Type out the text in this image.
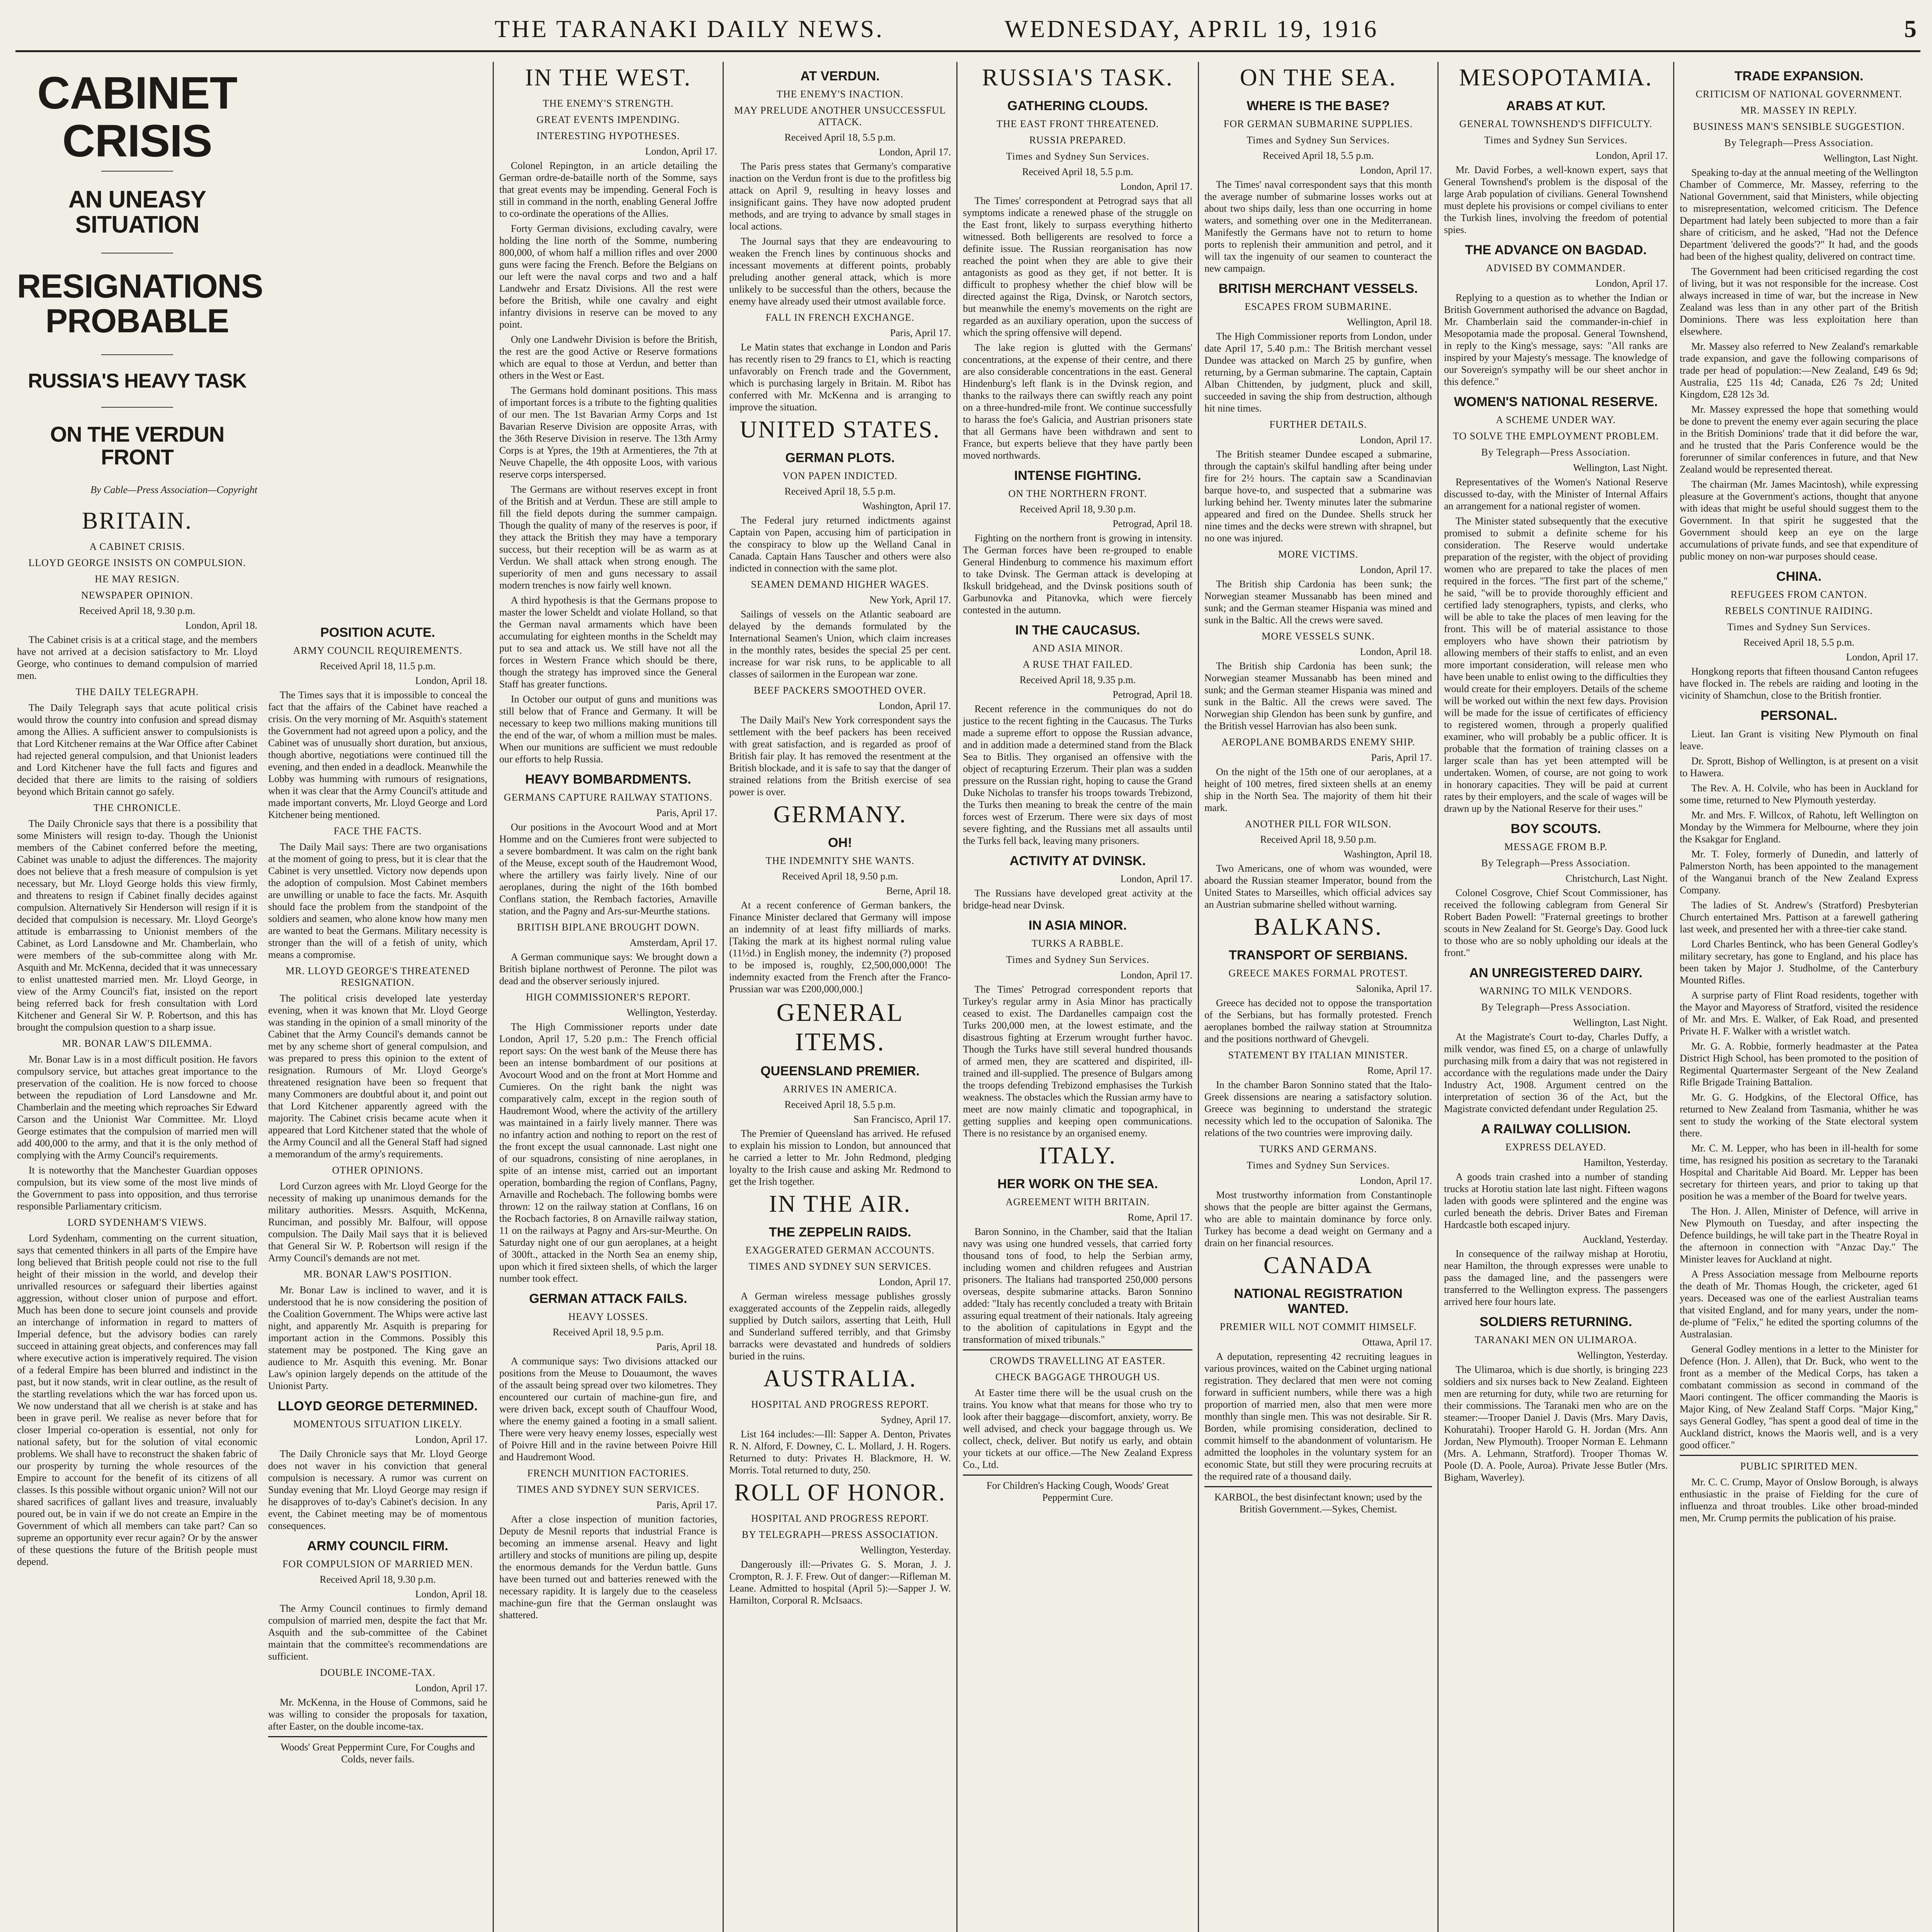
THE TARANAKI DAILY NEWS.	WEDNESDAY, APRIL 19, 1916	5
CABINET CRISIS
AN UNEASY SITUATION
RESIGNATIONS PROBABLE
RUSSIA'S HEAVY TASK
ON THE VERDUN FRONT
By Cable—Press Association—Copyright
BRITAIN.
A CABINET CRISIS.
LLOYD GEORGE INSISTS ON COMPULSION.
HE MAY RESIGN.
NEWSPAPER OPINION.
Received April 18, 9.30 p.m.
London, April 18.

The Cabinet crisis is at a critical stage, and the members have not arrived at a decision satisfactory to Mr. Lloyd George, who continues to demand compulsion of married men.

THE DAILY TELEGRAPH.

The Daily Telegraph says that acute political crisis would throw the country into confusion and spread dismay among the Allies. A sufficient answer to compulsionists is that Lord Kitchener remains at the War Office after Cabinet had rejected general compulsion, and that Unionist leaders and Lord Kitchener have the full facts and figures and decided that there are limits to the raising of soldiers beyond which Britain cannot go safely.

THE CHRONICLE.

The Daily Chronicle says that there is a possibility that some Ministers will resign to-day. Though the Unionist members of the Cabinet conferred before the meeting, Cabinet was unable to adjust the differences. The majority does not believe that a fresh measure of compulsion is yet necessary, but Mr. Lloyd George holds this view firmly, and threatens to resign if Cabinet finally decides against compulsion. Alternatively Sir Henderson will resign if it is decided that compulsion is necessary. Mr. Lloyd George's attitude is embarrassing to Unionist members of the Cabinet, as Lord Lansdowne and Mr. Chamberlain, who were members of the sub-committee along with Mr. Asquith and Mr. McKenna, decided that it was unnecessary to enlist unattested married men. Mr. Lloyd George, in view of the Army Council's fiat, insisted on the report being referred back for fresh consultation with Lord Kitchener and General Sir W. P. Robertson, and this has brought the compulsion question to a sharp issue.

MR. BONAR LAW'S DILEMMA.

Mr. Bonar Law is in a most difficult position. He favors compulsory service, but attaches great importance to the preservation of the coalition. He is now forced to choose between the repudiation of Lord Lansdowne and Mr. Chamberlain and the meeting which reproaches Sir Edward Carson and the Unionist War Committee. Mr. Lloyd George estimates that the compulsion of married men will add 400,000 to the army, and that it is the only method of complying with the Army Council's requirements.

It is noteworthy that the Manchester Guardian opposes compulsion, but its view some of the most live minds of the Government to pass into opposition, and thus terrorise responsible Parliamentary criticism.

LORD SYDENHAM'S VIEWS.

Lord Sydenham, commenting on the current situation, says that cemented thinkers in all parts of the Empire have long believed that British people could not rise to the full height of their mission in the world, and develop their unrivalled resources or safeguard their liberties against aggression, without closer union of purpose and effort. Much has been done to secure joint counsels and provide an interchange of information in regard to matters of Imperial defence, but the advisory bodies can rarely succeed in attaining great objects, and conferences may fall where executive action is imperatively required. The vision of a federal Empire has been blurred and indistinct in the past, but it now stands, writ in clear outline, as the result of the startling revelations which the war has forced upon us. We now understand that all we cherish is at stake and has been in grave peril. We realise as never before that for closer Imperial co-operation is essential, not only for national safety, but for the solution of vital economic problems. We shall have to reconstruct the shaken fabric of our prosperity by turning the whole resources of the Empire to account for the benefit of its citizens of all classes. Is this possible without organic union? Will not our shared sacrifices of gallant lives and treasure, invaluably poured out, be in vain if we do not create an Empire in the Government of which all members can take part? Can so supreme an opportunity ever recur again? Or by the answer of these questions the future of the British people must depend.

POSITION ACUTE.
ARMY COUNCIL REQUIREMENTS.
Received April 18, 11.5 p.m.
London, April 18.

The Times says that it is impossible to conceal the fact that the affairs of the Cabinet have reached a crisis. On the very morning of Mr. Asquith's statement the Government had not agreed upon a policy, and the Cabinet was of unusually short duration, but anxious, though abortive, negotiations were continued till the evening, and then ended in a deadlock. Meanwhile the Lobby was humming with rumours of resignations, when it was clear that the Army Council's attitude and made important converts, Mr. Lloyd George and Lord Kitchener being mentioned.

FACE THE FACTS.

The Daily Mail says: There are two organisations at the moment of going to press, but it is clear that the Cabinet is very unsettled. Victory now depends upon the adoption of compulsion. Most Cabinet members are unwilling or unable to face the facts. Mr. Asquith should face the problem from the standpoint of the soldiers and seamen, who alone know how many men are wanted to beat the Germans. Military necessity is stronger than the will of a fetish of unity, which means a compromise.

MR. LLOYD GEORGE'S THREATENED RESIGNATION.

The political crisis developed late yesterday evening, when it was known that Mr. Lloyd George was standing in the opinion of a small minority of the Cabinet that the Army Council's demands cannot be met by any scheme short of general compulsion, and was prepared to press this opinion to the extent of resignation. Rumours of Mr. Lloyd George's threatened resignation have been so frequent that many Commoners are doubtful about it, and point out that Lord Kitchener apparently agreed with the majority. The Cabinet crisis became acute when it appeared that Lord Kitchener stated that the whole of the Army Council and all the General Staff had signed a memorandum of the army's requirements.

OTHER OPINIONS.

Lord Curzon agrees with Mr. Lloyd George for the necessity of making up unanimous demands for the military authorities. Messrs. Asquith, McKenna, Runciman, and possibly Mr. Balfour, will oppose compulsion. The Daily Mail says that it is believed that General Sir W. P. Robertson will resign if the Army Council's demands are not met.

MR. BONAR LAW'S POSITION.

Mr. Bonar Law is inclined to waver, and it is understood that he is now considering the position of the Coalition Government. The Whips were active last night, and apparently Mr. Asquith is preparing for important action in the Commons. Possibly this statement may be postponed. The King gave an audience to Mr. Asquith this evening. Mr. Bonar Law's opinion largely depends on the attitude of the Unionist Party.

LLOYD GEORGE DETERMINED.
MOMENTOUS SITUATION LIKELY.
London, April 17.

The Daily Chronicle says that Mr. Lloyd George does not waver in his conviction that general compulsion is necessary. A rumor was current on Sunday evening that Mr. Lloyd George may resign if he disapproves of to-day's Cabinet's decision. In any event, the Cabinet meeting may be of momentous consequences.

ARMY COUNCIL FIRM.
FOR COMPULSION OF MARRIED MEN.
Received April 18, 9.30 p.m.
London, April 18.

The Army Council continues to firmly demand compulsion of married men, despite the fact that Mr. Asquith and the sub-committee of the Cabinet maintain that the committee's recommendations are sufficient.

DOUBLE INCOME-TAX.
London, April 17.

Mr. McKenna, in the House of Commons, said he was willing to consider the proposals for taxation, after Easter, on the double income-tax.

Woods' Great Peppermint Cure, For Coughs and Colds, never fails.

IN THE WEST.
THE ENEMY'S STRENGTH.
GREAT EVENTS IMPENDING.
INTERESTING HYPOTHESES.
London, April 17.

Colonel Repington, in an article detailing the German ordre-de-bataille north of the Somme, says that great events may be impending. General Foch is still in command in the north, enabling General Joffre to co-ordinate the operations of the Allies.

Forty German divisions, excluding cavalry, were holding the line north of the Somme, numbering 800,000, of whom half a million rifles and over 2000 guns were facing the French. Before the Belgians on our left were the naval corps and two and a half Landwehr and Ersatz Divisions. All the rest were before the British, while one cavalry and eight infantry divisions in reserve can be moved to any point.

Only one Landwehr Division is before the British, the rest are the good Active or Reserve formations which are equal to those at Verdun, and better than others in the West or East.

The Germans hold dominant positions. This mass of important forces is a tribute to the fighting qualities of our men. The 1st Bavarian Army Corps and 1st Bavarian Reserve Division are opposite Arras, with the 36th Reserve Division in reserve. The 13th Army Corps is at Ypres, the 19th at Armentieres, the 7th at Neuve Chapelle, the 4th opposite Loos, with various reserve corps interspersed.

The Germans are without reserves except in front of the British and at Verdun. These are still ample to fill the field depots during the summer campaign. Though the quality of many of the reserves is poor, if they attack the British they may have a temporary success, but their reception will be as warm as at Verdun. We shall attack when strong enough. The superiority of men and guns necessary to assail modern trenches is now fairly well known.

A third hypothesis is that the Germans propose to master the lower Scheldt and violate Holland, so that the German naval armaments which have been accumulating for eighteen months in the Scheldt may put to sea and attack us. We still have not all the forces in Western France which should be there, though the strategy has improved since the General Staff has greater functions.

In October our output of guns and munitions was still below that of France and Germany. It will be necessary to keep two millions making munitions till the end of the war, of whom a million must be males. When our munitions are sufficient we must redouble our efforts to help Russia.

HEAVY BOMBARDMENTS.
GERMANS CAPTURE RAILWAY STATIONS.
Paris, April 17.

Our positions in the Avocourt Wood and at Mort Homme and on the Cumieres front were subjected to a severe bombardment. It was calm on the right bank of the Meuse, except south of the Haudremont Wood, where the artillery was fairly lively. Nine of our aeroplanes, during the night of the 16th bombed Conflans station, the Rembach factories, Arnaville station, and the Pagny and Ars-sur-Meurthe stations.

BRITISH BIPLANE BROUGHT DOWN.
Amsterdam, April 17.

A German communique says: We brought down a British biplane northwest of Peronne. The pilot was dead and the observer seriously injured.

HIGH COMMISSIONER'S REPORT.
Wellington, Yesterday.

The High Commissioner reports under date London, April 17, 5.20 p.m.: The French official report says: On the west bank of the Meuse there has been an intense bombardment of our positions at Avocourt Wood and on the front at Mort Homme and Cumieres. On the right bank the night was comparatively calm, except in the region south of Haudremont Wood, where the activity of the artillery was maintained in a fairly lively manner. There was no infantry action and nothing to report on the rest of the front except the usual cannonade. Last night one of our squadrons, consisting of nine aeroplanes, in spite of an intense mist, carried out an important operation, bombarding the region of Conflans, Pagny, Arnaville and Rochebach. The following bombs were thrown: 12 on the railway station at Conflans, 16 on the Rocbach factories, 8 on Arnaville railway station, 11 on the railways at Pagny and Ars-sur-Meurthe. On Saturday night one of our gun aeroplanes, at a height of 300ft., attacked in the North Sea an enemy ship, upon which it fired sixteen shells, of which the larger number took effect.

GERMAN ATTACK FAILS.
HEAVY LOSSES.
Received April 18, 9.5 p.m.
Paris, April 18.

A communique says: Two divisions attacked our positions from the Meuse to Douaumont, the waves of the assault being spread over two kilometres. They encountered our curtain of machine-gun fire, and were driven back, except south of Chauffour Wood, where the enemy gained a footing in a small salient. There were very heavy enemy losses, especially west of Poivre Hill and in the ravine between Poivre Hill and Haudremont Wood.

FRENCH MUNITION FACTORIES.
TIMES AND SYDNEY SUN SERVICES.
Paris, April 17.

After a close inspection of munition factories, Deputy de Mesnil reports that industrial France is becoming an immense arsenal. Heavy and light artillery and stocks of munitions are piling up, despite the enormous demands for the Verdun battle. Guns have been turned out and batteries renewed with the necessary rapidity. It is largely due to the ceaseless machine-gun fire that the German onslaught was shattered.

AT VERDUN.
THE ENEMY'S INACTION.
MAY PRELUDE ANOTHER UNSUCCESSFUL ATTACK.
Received April 18, 5.5 p.m.
London, April 17.

The Paris press states that Germany's comparative inaction on the Verdun front is due to the profitless big attack on April 9, resulting in heavy losses and insignificant gains. They have now adopted prudent methods, and are trying to advance by small stages in local actions.

The Journal says that they are endeavouring to weaken the French lines by continuous shocks and incessant movements at different points, probably preluding another general attack, which is more unlikely to be successful than the others, because the enemy have already used their utmost available force.

FALL IN FRENCH EXCHANGE.
Paris, April 17.

Le Matin states that exchange in London and Paris has recently risen to 29 francs to £1, which is reacting unfavorably on French trade and the Government, which is purchasing largely in Britain. M. Ribot has conferred with Mr. McKenna and is arranging to improve the situation.

UNITED STATES.
GERMAN PLOTS.
VON PAPEN INDICTED.
Received April 18, 5.5 p.m.
Washington, April 17.

The Federal jury returned indictments against Captain von Papen, accusing him of participation in the conspiracy to blow up the Welland Canal in Canada. Captain Hans Tauscher and others were also indicted in connection with the same plot.

SEAMEN DEMAND HIGHER WAGES.
New York, April 17.

Sailings of vessels on the Atlantic seaboard are delayed by the demands formulated by the International Seamen's Union, which claim increases in the monthly rates, besides the special 25 per cent. increase for war risk runs, to be applicable to all classes of sailormen in the European war zone.

BEEF PACKERS SMOOTHED OVER.
London, April 17.

The Daily Mail's New York correspondent says the settlement with the beef packers has been received with great satisfaction, and is regarded as proof of British fair play. It has removed the resentment at the British blockade, and it is safe to say that the danger of strained relations from the British exercise of sea power is over.

GERMANY.
OH!
THE INDEMNITY SHE WANTS.
Received April 18, 9.50 p.m.
Berne, April 18.

At a recent conference of German bankers, the Finance Minister declared that Germany will impose an indemnity of at least fifty milliards of marks. [Taking the mark at its highest normal ruling value (11½d.) in English money, the indemnity (?) proposed to be imposed is, roughly, £2,500,000,000! The indemnity exacted from the French after the Franco-Prussian war was £200,000,000.]

GENERAL ITEMS.
QUEENSLAND PREMIER.
ARRIVES IN AMERICA.
Received April 18, 5.5 p.m.
San Francisco, April 17.

The Premier of Queensland has arrived. He refused to explain his mission to London, but announced that he carried a letter to Mr. John Redmond, pledging loyalty to the Irish cause and asking Mr. Redmond to get the Irish together.

IN THE AIR.
THE ZEPPELIN RAIDS.
EXAGGERATED GERMAN ACCOUNTS.
TIMES AND SYDNEY SUN SERVICES.
London, April 17.

A German wireless message publishes grossly exaggerated accounts of the Zeppelin raids, allegedly supplied by Dutch sailors, asserting that Leith, Hull and Sunderland suffered terribly, and that Grimsby barracks were devastated and hundreds of soldiers buried in the ruins.

AUSTRALIA.
HOSPITAL AND PROGRESS REPORT.
Sydney, April 17.

List 164 includes:—Ill: Sapper A. Denton, Privates R. N. Alford, F. Downey, C. L. Mollard, J. H. Rogers. Returned to duty: Privates H. Blackmore, H. W. Morris. Total returned to duty, 250.

ROLL OF HONOR.
HOSPITAL AND PROGRESS REPORT.
BY TELEGRAPH—PRESS ASSOCIATION.
Wellington, Yesterday.

Dangerously ill:—Privates G. S. Moran, J. J. Crompton, R. J. F. Frew. Out of danger:—Rifleman M. Leane. Admitted to hospital (April 5):—Sapper J. W. Hamilton, Corporal R. McIsaacs.

RUSSIA'S TASK.
GATHERING CLOUDS.
THE EAST FRONT THREATENED.
RUSSIA PREPARED.
Times and Sydney Sun Services.
Received April 18, 5.5 p.m.
London, April 17.

The Times' correspondent at Petrograd says that all symptoms indicate a renewed phase of the struggle on the East front, likely to surpass everything hitherto witnessed. Both belligerents are resolved to force a definite issue. The Russian reorganisation has now reached the point when they are able to give their antagonists as good as they get, if not better. It is difficult to prophesy whether the chief blow will be directed against the Riga, Dvinsk, or Narotch sectors, but meanwhile the enemy's movements on the right are regarded as an auxiliary operation, upon the success of which the spring offensive will depend.

The lake region is glutted with the Germans' concentrations, at the expense of their centre, and there are also considerable concentrations in the east. General Hindenburg's left flank is in the Dvinsk region, and thanks to the railways there can swiftly reach any point on a three-hundred-mile front. We continue successfully to harass the foe's Galicia, and Austrian prisoners state that all Germans have been withdrawn and sent to France, but experts believe that they have partly been moved northwards.

INTENSE FIGHTING.
ON THE NORTHERN FRONT.
Received April 18, 9.30 p.m.
Petrograd, April 18.

Fighting on the northern front is growing in intensity. The German forces have been re-grouped to enable General Hindenburg to commence his maximum effort to take Dvinsk. The German attack is developing at Ikskull bridgehead, and the Dvinsk positions south of Garbunovka and Pitanovka, which were fiercely contested in the autumn.

IN THE CAUCASUS.
AND ASIA MINOR.
A RUSE THAT FAILED.
Received April 18, 9.35 p.m.
Petrograd, April 18.

Recent reference in the communiques do not do justice to the recent fighting in the Caucasus. The Turks made a supreme effort to oppose the Russian advance, and in addition made a determined stand from the Black Sea to Bitlis. They organised an offensive with the object of recapturing Erzerum. Their plan was a sudden pressure on the Russian right, hoping to cause the Grand Duke Nicholas to transfer his troops towards Trebizond, the Turks then meaning to break the centre of the main forces west of Erzerum. There were six days of most severe fighting, and the Russians met all assaults until the Turks fell back, leaving many prisoners.

ACTIVITY AT DVINSK.
London, April 17.

The Russians have developed great activity at the bridge-head near Dvinsk.

IN ASIA MINOR.
TURKS A RABBLE.
Times and Sydney Sun Services.
London, April 17.

The Times' Petrograd correspondent reports that Turkey's regular army in Asia Minor has practically ceased to exist. The Dardanelles campaign cost the Turks 200,000 men, at the lowest estimate, and the disastrous fighting at Erzerum wrought further havoc. Though the Turks have still several hundred thousands of armed men, they are scattered and dispirited, ill-trained and ill-supplied. The presence of Bulgars among the troops defending Trebizond emphasises the Turkish weakness. The obstacles which the Russian army have to meet are now mainly climatic and topographical, in getting supplies and keeping open communications. There is no resistance by an organised enemy.

ITALY.
HER WORK ON THE SEA.
AGREEMENT WITH BRITAIN.
Rome, April 17.

Baron Sonnino, in the Chamber, said that the Italian navy was using one hundred vessels, that carried forty thousand tons of food, to help the Serbian army, including women and children refugees and Austrian prisoners. The Italians had transported 250,000 persons overseas, despite submarine attacks. Baron Sonnino added: "Italy has recently concluded a treaty with Britain assuring equal treatment of their nationals. Italy agreeing to the abolition of capitulations in Egypt and the transformation of mixed tribunals."

CROWDS TRAVELLING AT EASTER.
CHECK BAGGAGE THROUGH US.

At Easter time there will be the usual crush on the trains. You know what that means for those who try to look after their baggage—discomfort, anxiety, worry. Be well advised, and check your baggage through us. We collect, check, deliver. But notify us early, and obtain your tickets at our office.—The New Zealand Express Co., Ltd.

For Children's Hacking Cough, Woods' Great Peppermint Cure.

ON THE SEA.
WHERE IS THE BASE?
FOR GERMAN SUBMARINE SUPPLIES.
Times and Sydney Sun Services.
Received April 18, 5.5 p.m.
London, April 17.

The Times' naval correspondent says that this month the average number of submarine losses works out at about two ships daily, less than one occurring in home waters, and something over one in the Mediterranean. Manifestly the Germans have not to return to home ports to replenish their ammunition and petrol, and it will tax the ingenuity of our seamen to counteract the new campaign.

BRITISH MERCHANT VESSELS.
ESCAPES FROM SUBMARINE.
Wellington, April 18.

The High Commissioner reports from London, under date April 17, 5.40 p.m.: The British merchant vessel Dundee was attacked on March 25 by gunfire, when returning, by a German submarine. The captain, Captain Alban Chittenden, by judgment, pluck and skill, succeeded in saving the ship from destruction, although hit nine times.

FURTHER DETAILS.
London, April 17.

The British steamer Dundee escaped a submarine, through the captain's skilful handling after being under fire for 2½ hours. The captain saw a Scandinavian barque hove-to, and suspected that a submarine was lurking behind her. Twenty minutes later the submarine appeared and fired on the Dundee. Shells struck her nine times and the decks were strewn with shrapnel, but no one was injured.

MORE VICTIMS.
London, April 17.

The British ship Cardonia has been sunk; the Norwegian steamer Mussanabb has been mined and sunk; and the German steamer Hispania was mined and sunk in the Baltic. All the crews were saved.

MORE VESSELS SUNK.
London, April 18.

The British ship Cardonia has been sunk; the Norwegian steamer Mussanabb has been mined and sunk; and the German steamer Hispania was mined and sunk in the Baltic. All the crews were saved. The Norwegian ship Glendon has been sunk by gunfire, and the British vessel Harrovian has also been sunk.

AEROPLANE BOMBARDS ENEMY SHIP.
Paris, April 17.

On the night of the 15th one of our aeroplanes, at a height of 100 metres, fired sixteen shells at an enemy ship in the North Sea. The majority of them hit their mark.

ANOTHER PILL FOR WILSON.
Received April 18, 9.50 p.m.
Washington, April 18.

Two Americans, one of whom was wounded, were aboard the Russian steamer Imperator, bound from the United States to Marseilles, which official advices say an Austrian submarine shelled without warning.

BALKANS.
TRANSPORT OF SERBIANS.
GREECE MAKES FORMAL PROTEST.
Salonika, April 17.

Greece has decided not to oppose the transportation of the Serbians, but has formally protested. French aeroplanes bombed the railway station at Stroumnitza and the positions northward of Ghevgeli.

STATEMENT BY ITALIAN MINISTER.
Rome, April 17.

In the chamber Baron Sonnino stated that the Italo-Greek dissensions are nearing a satisfactory solution. Greece was beginning to understand the strategic necessity which led to the occupation of Salonika. The relations of the two countries were improving daily.

TURKS AND GERMANS.
Times and Sydney Sun Services.
London, April 17.

Most trustworthy information from Constantinople shows that the people are bitter against the Germans, who are able to maintain dominance by force only. Turkey has become a dead weight on Germany and a drain on her financial resources.

CANADA
NATIONAL REGISTRATION WANTED.
PREMIER WILL NOT COMMIT HIMSELF.
Ottawa, April 17.

A deputation, representing 42 recruiting leagues in various provinces, waited on the Cabinet urging national registration. They declared that men were not coming forward in sufficient numbers, while there was a high proportion of married men, also that men were more monthly than single men. This was not desirable. Sir R. Borden, while promising consideration, declined to commit himself to the abandonment of voluntarism. He admitted the loopholes in the voluntary system for an economic State, but still they were procuring recruits at the required rate of a thousand daily.

KARBOL, the best disinfectant known; used by the British Government.—Sykes, Chemist.

MESOPOTAMIA.
ARABS AT KUT.
GENERAL TOWNSHEND'S DIFFICULTY.
Times and Sydney Sun Services.
London, April 17.

Mr. David Forbes, a well-known expert, says that General Townshend's problem is the disposal of the large Arab population of civilians. General Townshend must deplete his provisions or compel civilians to enter the Turkish lines, involving the freedom of potential spies.

THE ADVANCE ON BAGDAD.
ADVISED BY COMMANDER.
London, April 17.

Replying to a question as to whether the Indian or British Government authorised the advance on Bagdad, Mr. Chamberlain said the commander-in-chief in Mesopotamia made the proposal. General Townshend, in reply to the King's message, says: "All ranks are inspired by your Majesty's message. The knowledge of our Sovereign's sympathy will be our sheet anchor in this defence."

WOMEN'S NATIONAL RESERVE.
A SCHEME UNDER WAY.
TO SOLVE THE EMPLOYMENT PROBLEM.
By Telegraph—Press Association.
Wellington, Last Night.

Representatives of the Women's National Reserve discussed to-day, with the Minister of Internal Affairs an arrangement for a national register of women.

The Minister stated subsequently that the executive promised to submit a definite scheme for his consideration. The Reserve would undertake preparation of the register, with the object of providing women who are prepared to take the places of men required in the forces. "The first part of the scheme," he said, "will be to provide thoroughly efficient and certified lady stenographers, typists, and clerks, who will be able to take the places of men leaving for the front. This will be of material assistance to those employers who have shown their patriotism by allowing members of their staffs to enlist, and an even more important consideration, will release men who have been unable to enlist owing to the difficulties they would create for their employers. Details of the scheme will be worked out within the next few days. Provision will be made for the issue of certificates of efficiency to registered women, through a properly qualified examiner, who will probably be a public officer. It is probable that the formation of training classes on a larger scale than has yet been attempted will be undertaken. Women, of course, are not going to work in honorary capacities. They will be paid at current rates by their employers, and the scale of wages will be drawn up by the National Reserve for their uses."

BOY SCOUTS.
MESSAGE FROM B.P.
By Telegraph—Press Association.
Christchurch, Last Night.

Colonel Cosgrove, Chief Scout Commissioner, has received the following cablegram from General Sir Robert Baden Powell: "Fraternal greetings to brother scouts in New Zealand for St. George's Day. Good luck to those who are so nobly upholding our ideals at the front."

AN UNREGISTERED DAIRY.
WARNING TO MILK VENDORS.
By Telegraph—Press Association.
Wellington, Last Night.

At the Magistrate's Court to-day, Charles Duffy, a milk vendor, was fined £5, on a charge of unlawfully purchasing milk from a dairy that was not registered in accordance with the regulations made under the Dairy Industry Act, 1908. Argument centred on the interpretation of section 36 of the Act, but the Magistrate convicted defendant under Regulation 25.

A RAILWAY COLLISION.
EXPRESS DELAYED.
Hamilton, Yesterday.

A goods train crashed into a number of standing trucks at Horotiu station late last night. Fifteen wagons laden with goods were splintered and the engine was curled beneath the debris. Driver Bates and Fireman Hardcastle both escaped injury.

Auckland, Yesterday.

In consequence of the railway mishap at Horotiu, near Hamilton, the through expresses were unable to pass the damaged line, and the passengers were transferred to the Wellington express. The passengers arrived here four hours late.

SOLDIERS RETURNING.
TARANAKI MEN ON ULIMAROA.
Wellington, Yesterday.

The Ulimaroa, which is due shortly, is bringing 223 soldiers and six nurses back to New Zealand. Eighteen men are returning for duty, while two are returning for their commissions. The Taranaki men who are on the steamer:—Trooper Daniel J. Davis (Mrs. Mary Davis, Kohuratahi). Trooper Harold G. H. Jordan (Mrs. Ann Jordan, New Plymouth). Trooper Norman E. Lehmann (Mrs. A. Lehmann, Stratford). Trooper Thomas W. Poole (D. A. Poole, Auroa). Private Jesse Butler (Mrs. Bigham, Waverley).

TRADE EXPANSION.
CRITICISM OF NATIONAL GOVERNMENT.
MR. MASSEY IN REPLY.
BUSINESS MAN'S SENSIBLE SUGGESTION.
By Telegraph—Press Association.
Wellington, Last Night.

Speaking to-day at the annual meeting of the Wellington Chamber of Commerce, Mr. Massey, referring to the National Government, said that Ministers, while objecting to misrepresentation, welcomed criticism. The Defence Department had lately been subjected to more than a fair share of criticism, and he asked, "Had not the Defence Department 'delivered the goods'?" It had, and the goods had been of the highest quality, delivered on contract time.

The Government had been criticised regarding the cost of living, but it was not responsible for the increase. Cost always increased in time of war, but the increase in New Zealand was less than in any other part of the British Dominions. There was less exploitation here than elsewhere.

Mr. Massey also referred to New Zealand's remarkable trade expansion, and gave the following comparisons of trade per head of population:—New Zealand, £49 6s 9d; Australia, £25 11s 4d; Canada, £26 7s 2d; United Kingdom, £28 12s 3d.

Mr. Massey expressed the hope that something would be done to prevent the enemy ever again securing the place in the British Dominions' trade that it did before the war, and he trusted that the Paris Conference would be the forerunner of similar conferences in future, and that New Zealand would be represented thereat.

The chairman (Mr. James Macintosh), while expressing pleasure at the Government's actions, thought that anyone with ideas that might be useful should suggest them to the Government. In that spirit he suggested that the Government should keep an eye on the large accumulations of private funds, and see that expenditure of public money on non-war purposes should cease.

CHINA.
REFUGEES FROM CANTON.
REBELS CONTINUE RAIDING.
Times and Sydney Sun Services.
Received April 18, 5.5 p.m.
London, April 17.

Hongkong reports that fifteen thousand Canton refugees have flocked in. The rebels are raiding and looting in the vicinity of Shamchun, close to the British frontier.

PERSONAL.

Lieut. Ian Grant is visiting New Plymouth on final leave.

Dr. Sprott, Bishop of Wellington, is at present on a visit to Hawera.

The Rev. A. H. Colvile, who has been in Auckland for some time, returned to New Plymouth yesterday.

Mr. and Mrs. F. Willcox, of Rahotu, left Wellington on Monday by the Wimmera for Melbourne, where they join the Ksakgar for England.

Mr. T. Foley, formerly of Dunedin, and latterly of Palmerston North, has been appointed to the management of the Wanganui branch of the New Zealand Express Company.

The ladies of St. Andrew's (Stratford) Presbyterian Church entertained Mrs. Pattison at a farewell gathering last week, and presented her with a three-tier cake stand.

Lord Charles Bentinck, who has been General Godley's military secretary, has gone to England, and his place has been taken by Major J. Studholme, of the Canterbury Mounted Rifles.

A surprise party of Flint Road residents, together with the Mayor and Mayoress of Stratford, visited the residence of Mr. and Mrs. E. Walker, of Eak Road, and presented Private H. F. Walker with a wristlet watch.

Mr. G. A. Robbie, formerly headmaster at the Patea District High School, has been promoted to the position of Regimental Quartermaster Sergeant of the New Zealand Rifle Brigade Training Battalion.

Mr. G. G. Hodgkins, of the Electoral Office, has returned to New Zealand from Tasmania, whither he was sent to study the working of the State electoral system there.

Mr. C. M. Lepper, who has been in ill-health for some time, has resigned his position as secretary to the Taranaki Hospital and Charitable Aid Board. Mr. Lepper has been secretary for thirteen years, and prior to taking up that position he was a member of the Board for twelve years.

The Hon. J. Allen, Minister of Defence, will arrive in New Plymouth on Tuesday, and after inspecting the Defence buildings, he will take part in the Theatre Royal in the afternoon in connection with "Anzac Day." The Minister leaves for Auckland at night.

A Press Association message from Melbourne reports the death of Mr. Thomas Hough, the cricketer, aged 61 years. Deceased was one of the earliest Australian teams that visited England, and for many years, under the nom-de-plume of "Felix," he edited the sporting columns of the Australasian.

General Godley mentions in a letter to the Minister for Defence (Hon. J. Allen), that Dr. Buck, who went to the front as a member of the Medical Corps, has taken a combatant commission as second in command of the Maori contingent. The officer commanding the Maoris is Major King, of New Zealand Staff Corps. "Major King," says General Godley, "has spent a good deal of time in the Auckland district, knows the Maoris well, and is a very good officer."

PUBLIC SPIRITED MEN.

Mr. C. C. Crump, Mayor of Onslow Borough, is always enthusiastic in the praise of Fielding for the cure of influenza and throat troubles. Like other broad-minded men, Mr. Crump permits the publication of his praise.
